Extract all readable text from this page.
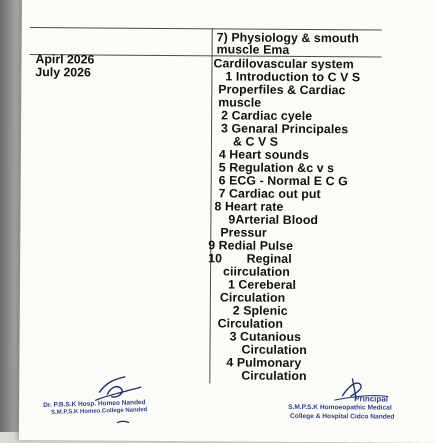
7) Physiology & smouth
muscle Ema
Apirl 2026
July 2026
Cardilovascular system
1 Introduction to C V S
Properfiles & Cardiac
muscle
2 Cardiac cyele
3 Genaral Principales
& C V S
4 Heart sounds
5 Regulation &c v s
6 ECG - Normal E C G
7 Cardiac out put
8 Heart rate
9Arterial Blood
Pressur
9 Redial Pulse
10       Reginal
ciirculation
1 Cereberal
Circulation
2 Splenic
Circulation
3 Cutanious
Circulation
4 Pulmonary
Circulation
Dr. P.B.S.K Hosp. Homeo Nanded
S.M.P.S.K Homeo.College Nanded
Principal
S.M.P.S.K Homoeopathic Medical
College & Hospital Cidco Nanded
